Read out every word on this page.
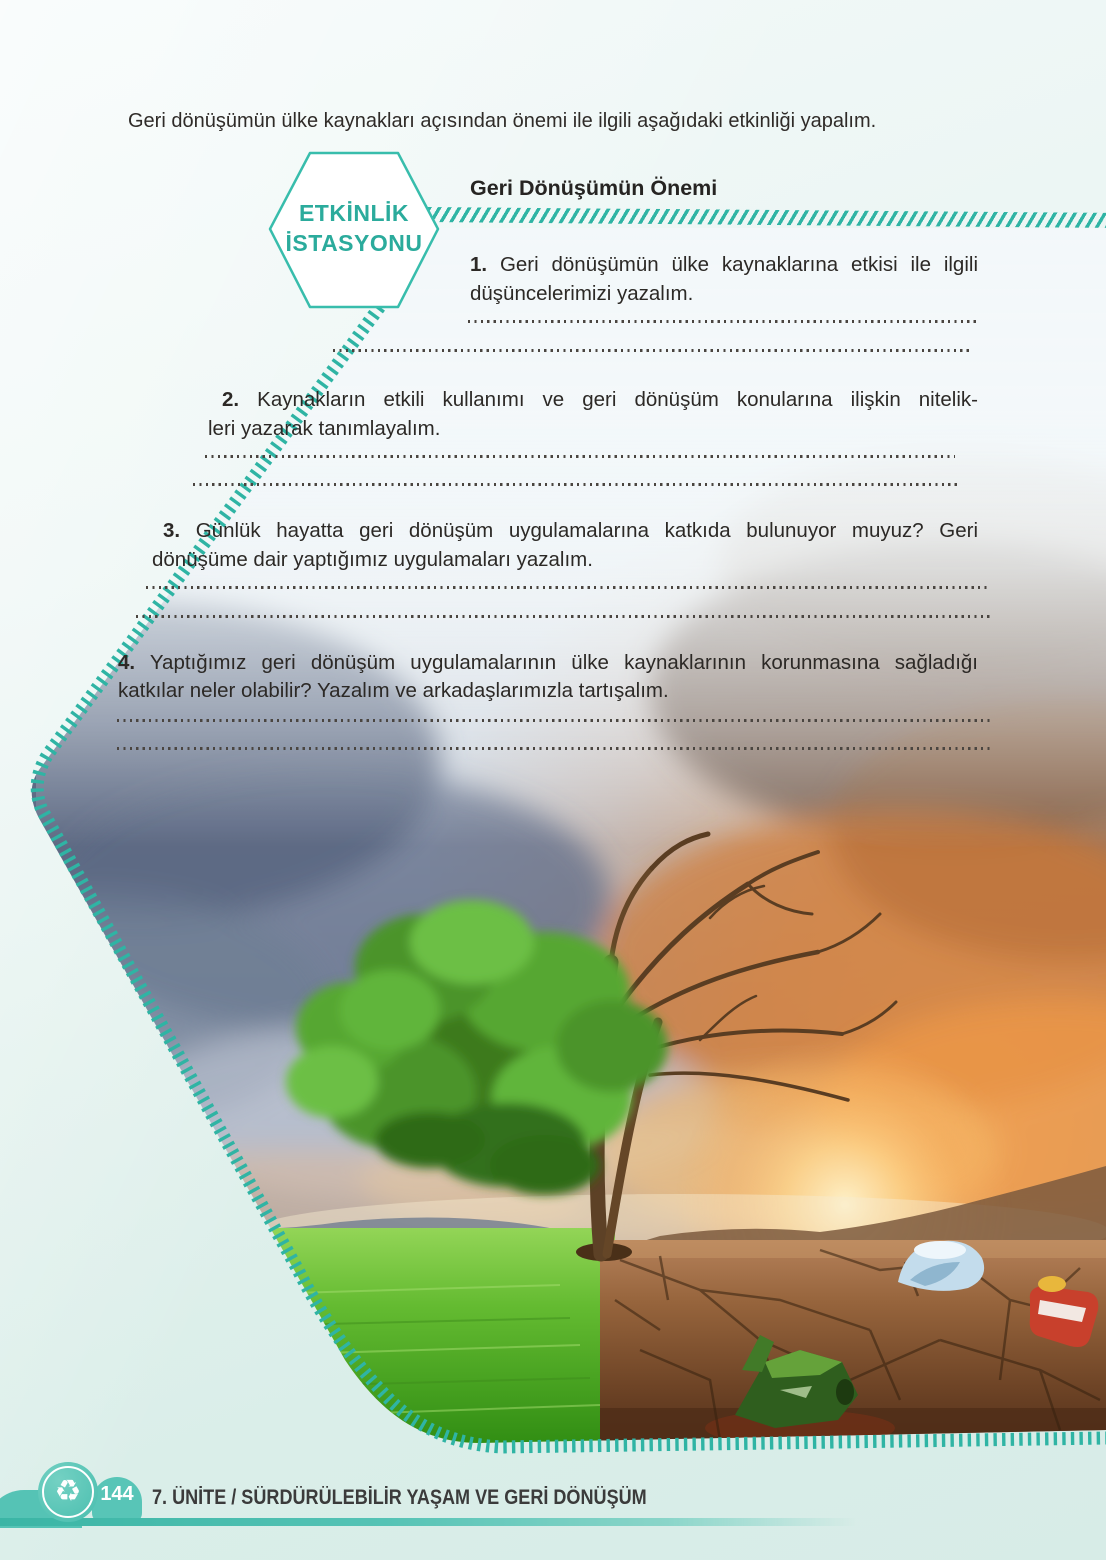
ETKİNLİK
İSTASYONU
Geri dönüşümün ülke kaynakları açısından önemi ile ilgili aşağıdaki etkinliği yapalım.
Geri Dönüşümün Önemi
1. Geri dönüşümün ülke kaynaklarına etkisi ile ilgili
düşüncelerimizi yazalım.
2. Kaynakların etkili kullanımı ve geri dönüşüm konularına ilişkin nitelik-
leri yazarak tanımlayalım.
3. Günlük hayatta geri dönüşüm uygulamalarına katkıda bulunuyor muyuz? Geri
dönüşüme dair yaptığımız uygulamaları yazalım.
4. Yaptığımız geri dönüşüm uygulamalarının ülke kaynaklarının korunmasına sağladığı
katkılar neler olabilir? Yazalım ve arkadaşlarımızla tartışalım.
♻ 144 7. ÜNİTE / SÜRDÜRÜLEBİLİR YAŞAM VE GERİ DÖNÜŞÜM
